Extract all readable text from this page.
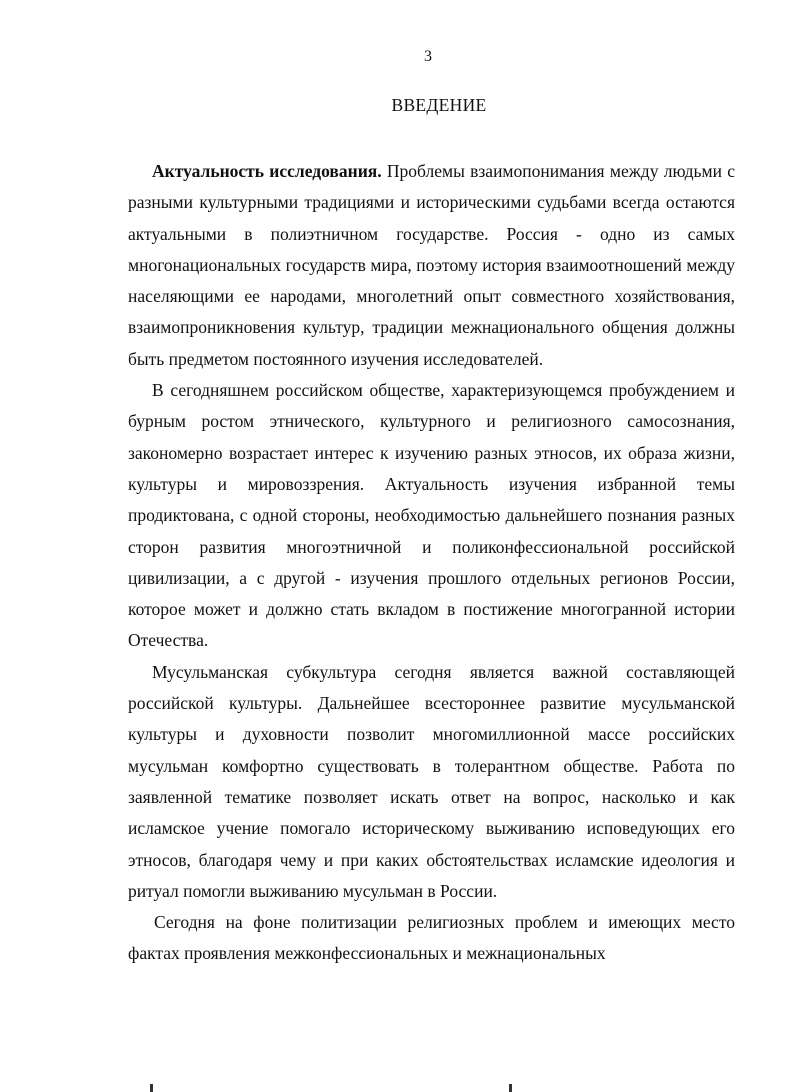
3
ВВЕДЕНИЕ

Актуальность исследования. Проблемы взаимопонимания между людьми с разными культурными традициями и историческими судьбами всегда остаются актуальными в полиэтничном государстве. Россия - одно из самых многонациональных государств мира, поэтому история взаимоотношений между населяющими ее народами, многолетний опыт совместного хозяйствования, взаимопроникновения культур, традиции межнационального общения должны быть предметом постоянного изучения исследователей.

В сегодняшнем российском обществе, характеризующемся пробуждением и бурным ростом этнического, культурного и религиозного самосознания, закономерно возрастает интерес к изучению разных этносов, их образа жизни, культуры и мировоззрения. Актуальность изучения избранной темы продиктована, с одной стороны, необходимостью дальнейшего познания разных сторон развития многоэтничной и поликонфессиональной российской цивилизации, а с другой - изучения прошлого отдельных регионов России, которое может и должно стать вкладом в постижение многогранной истории Отечества.

Мусульманская субкультура сегодня является важной составляющей российской культуры. Дальнейшее всестороннее развитие мусульманской культуры и духовности позволит многомиллионной массе российских мусульман комфортно существовать в толерантном обществе. Работа по заявленной тематике позволяет искать ответ на вопрос, насколько и как исламское учение помогало историческому выживанию исповедующих его этносов, благодаря чему и при каких обстоятельствах исламские идеология и ритуал помогли выживанию мусульман в России.

Сегодня на фоне политизации религиозных проблем и имеющих место фактах проявления межконфессиональных и межнациональных
